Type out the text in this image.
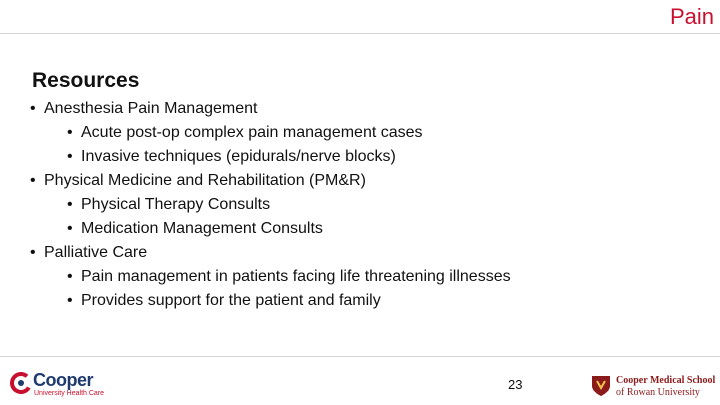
Pain
Resources
• Anesthesia Pain Management
• Acute post-op complex pain management cases
• Invasive techniques (epidurals/nerve blocks)
• Physical Medicine and Rehabilitation (PM&R)
• Physical Therapy Consults
• Medication Management Consults
• Palliative Care
• Pain management in patients facing life threatening illnesses
• Provides support for the patient and family
Cooper
University Health Care
23	Cooper Medical School
of Rowan University
